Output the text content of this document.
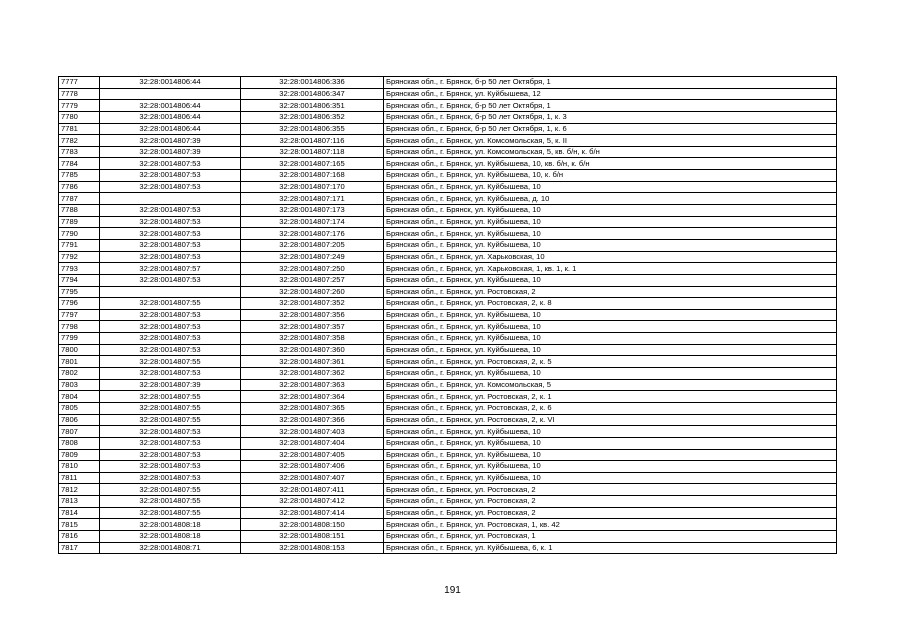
7777	32:28:0014806:44	32:28:0014806:336	Брянская обл., г. Брянск, б-р 50 лет Октября, 1
7778		32:28:0014806:347	Брянская обл., г. Брянск, ул. Куйбышева, 12
7779	32:28:0014806:44	32:28:0014806:351	Брянская обл., г. Брянск, б-р 50 лет Октября, 1
7780	32:28:0014806:44	32:28:0014806:352	Брянская обл., г. Брянск, б-р 50 лет Октября, 1, к. 3
7781	32:28:0014806:44	32:28:0014806:355	Брянская обл., г. Брянск, б-р 50 лет Октября, 1, к. 6
7782	32:28:0014807:39	32:28:0014807:116	Брянская обл., г. Брянск, ул. Комсомольская, 5, к. II
7783	32:28:0014807:39	32:28:0014807:118	Брянская обл., г. Брянск, ул. Комсомольская, 5, кв. б/н, к. б/н
7784	32:28:0014807:53	32:28:0014807:165	Брянская обл., г. Брянск, ул. Куйбышева, 10, кв. б/н, к. б/н
7785	32:28:0014807:53	32:28:0014807:168	Брянская обл., г. Брянск, ул. Куйбышева, 10, к. б/н
7786	32:28:0014807:53	32:28:0014807:170	Брянская обл., г. Брянск, ул. Куйбышева, 10
7787		32:28:0014807:171	Брянская обл., г. Брянск, ул. Куйбышева, д. 10
7788	32:28:0014807:53	32:28:0014807:173	Брянская обл., г. Брянск, ул. Куйбышева, 10
7789	32:28:0014807:53	32:28:0014807:174	Брянская обл., г. Брянск, ул. Куйбышева, 10
7790	32:28:0014807:53	32:28:0014807:176	Брянская обл., г. Брянск, ул. Куйбышева, 10
7791	32:28:0014807:53	32:28:0014807:205	Брянская обл., г. Брянск, ул. Куйбышева, 10
7792	32:28:0014807:53	32:28:0014807:249	Брянская обл., г. Брянск, ул. Харьковская, 10
7793	32:28:0014807:57	32:28:0014807:250	Брянская обл., г. Брянск, ул. Харьковская, 1, кв. 1, к. 1
7794	32:28:0014807:53	32:28:0014807:257	Брянская обл., г. Брянск, ул. Куйбышева, 10
7795		32:28:0014807:260	Брянская обл., г. Брянск, ул. Ростовская, 2
7796	32:28:0014807:55	32:28:0014807:352	Брянская обл., г. Брянск, ул. Ростовская, 2, к. 8
7797	32:28:0014807:53	32:28:0014807:356	Брянская обл., г. Брянск, ул. Куйбышева, 10
7798	32:28:0014807:53	32:28:0014807:357	Брянская обл., г. Брянск, ул. Куйбышева, 10
7799	32:28:0014807:53	32:28:0014807:358	Брянская обл., г. Брянск, ул. Куйбышева, 10
7800	32:28:0014807:53	32:28:0014807:360	Брянская обл., г. Брянск, ул. Куйбышева, 10
7801	32:28:0014807:55	32:28:0014807:361	Брянская обл., г. Брянск, ул. Ростовская, 2, к. 5
7802	32:28:0014807:53	32:28:0014807:362	Брянская обл., г. Брянск, ул. Куйбышева, 10
7803	32:28:0014807:39	32:28:0014807:363	Брянская обл., г. Брянск, ул. Комсомольская, 5
7804	32:28:0014807:55	32:28:0014807:364	Брянская обл., г. Брянск, ул. Ростовская, 2, к. 1
7805	32:28:0014807:55	32:28:0014807:365	Брянская обл., г. Брянск, ул. Ростовская, 2, к. 6
7806	32:28:0014807:55	32:28:0014807:366	Брянская обл., г. Брянск, ул. Ростовская, 2, к. VI
7807	32:28:0014807:53	32:28:0014807:403	Брянская обл., г. Брянск, ул. Куйбышева, 10
7808	32:28:0014807:53	32:28:0014807:404	Брянская обл., г. Брянск, ул. Куйбышева, 10
7809	32:28:0014807:53	32:28:0014807:405	Брянская обл., г. Брянск, ул. Куйбышева, 10
7810	32:28:0014807:53	32:28:0014807:406	Брянская обл., г. Брянск, ул. Куйбышева, 10
7811	32:28:0014807:53	32:28:0014807:407	Брянская обл., г. Брянск, ул. Куйбышева, 10
7812	32:28:0014807:55	32:28:0014807:411	Брянская обл., г. Брянск, ул. Ростовская, 2
7813	32:28:0014807:55	32:28:0014807:412	Брянская обл., г. Брянск, ул. Ростовская, 2
7814	32:28:0014807:55	32:28:0014807:414	Брянская обл., г. Брянск, ул. Ростовская, 2
7815	32:28:0014808:18	32:28:0014808:150	Брянская обл., г. Брянск, ул. Ростовская, 1, кв. 42
7816	32:28:0014808:18	32:28:0014808:151	Брянская обл., г. Брянск, ул. Ростовская, 1
7817	32:28:0014808:71	32:28:0014808:153	Брянская обл., г. Брянск, ул. Куйбышева, 6, к. 1
191
